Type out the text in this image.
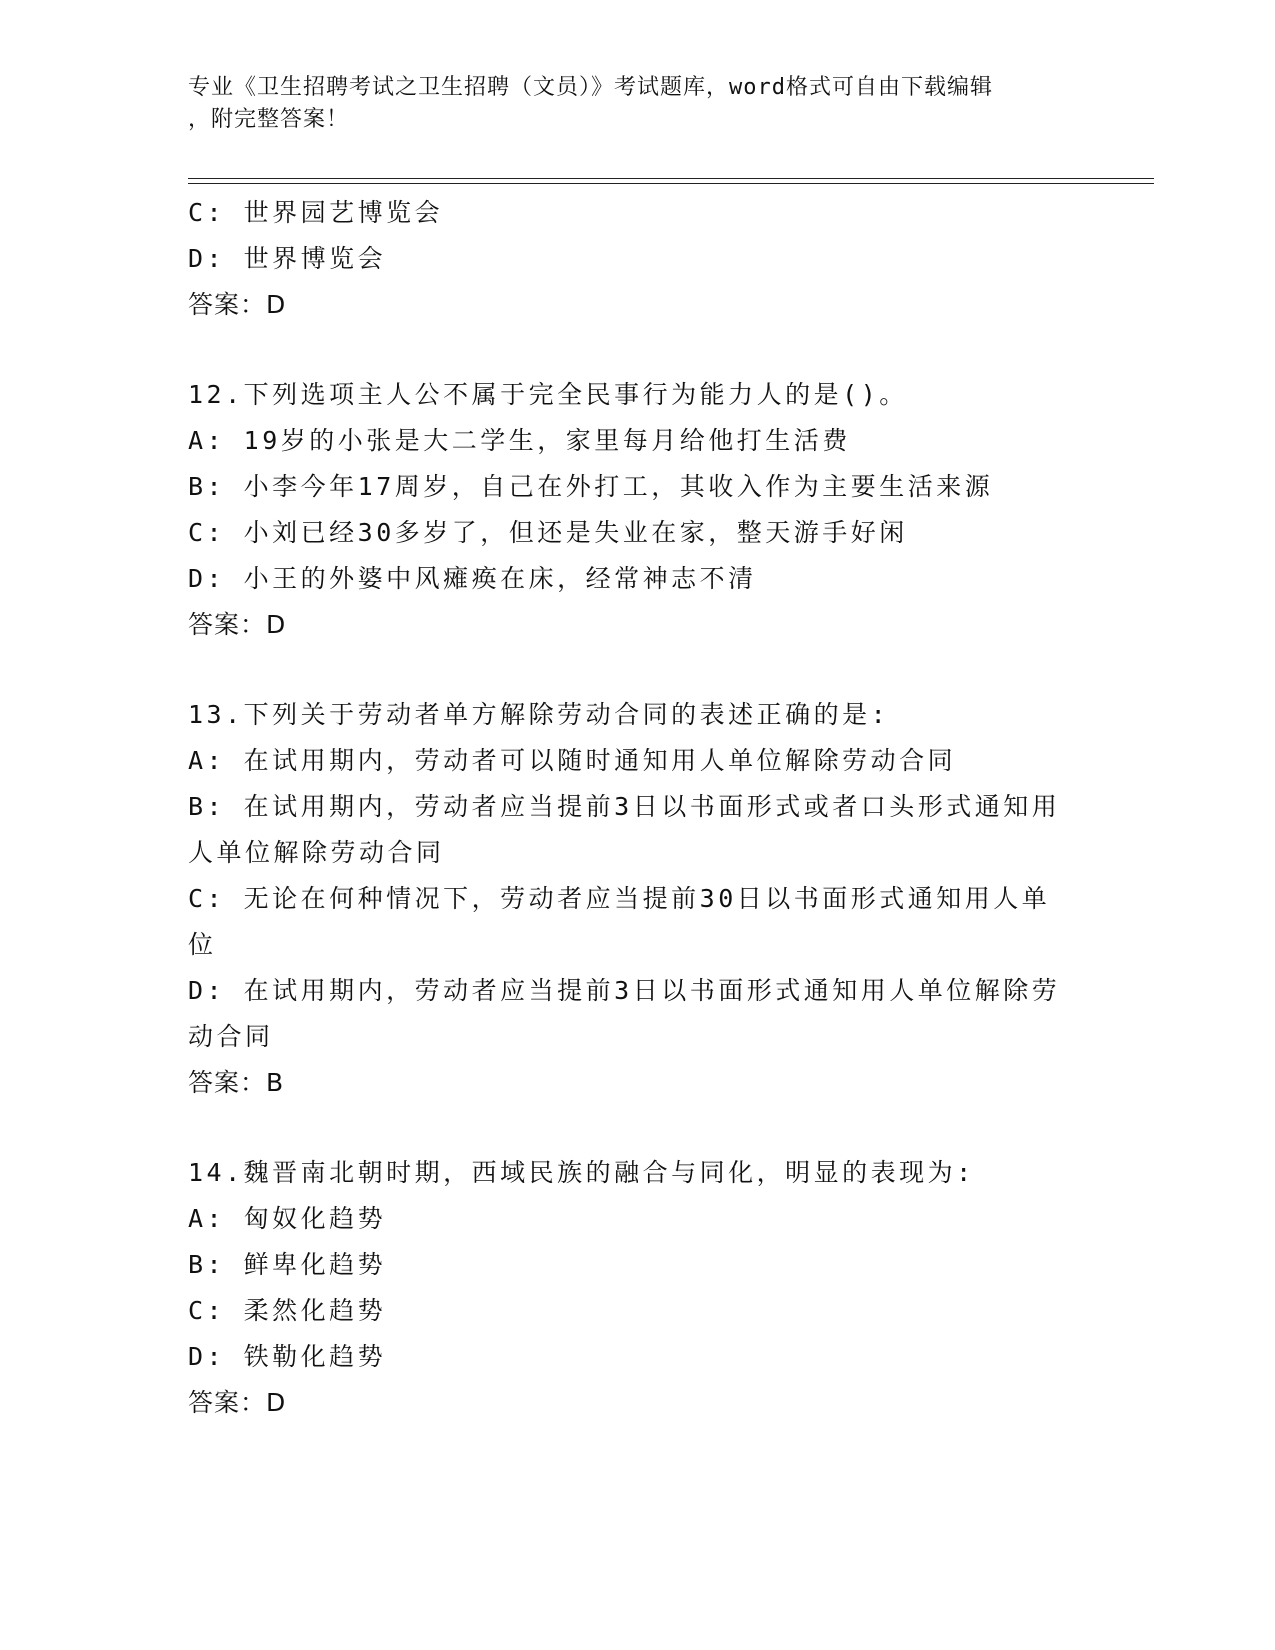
专业《卫生招聘考试之卫生招聘（文员）》考试题库，word格式可自由下载编辑
，附完整答案！
C: 世界园艺博览会
D: 世界博览会
答案：D
12.下列选项主人公不属于完全民事行为能力人的是()。
A: 19岁的小张是大二学生，家里每月给他打生活费
B: 小李今年17周岁，自己在外打工，其收入作为主要生活来源
C: 小刘已经30多岁了，但还是失业在家，整天游手好闲
D: 小王的外婆中风瘫痪在床，经常神志不清
答案：D
13.下列关于劳动者单方解除劳动合同的表述正确的是:
A: 在试用期内，劳动者可以随时通知用人单位解除劳动合同
B: 在试用期内，劳动者应当提前3日以书面形式或者口头形式通知用人单位解除劳动合同
C: 无论在何种情况下，劳动者应当提前30日以书面形式通知用人单位
D: 在试用期内，劳动者应当提前3日以书面形式通知用人单位解除劳动合同
答案：B
14.魏晋南北朝时期，西域民族的融合与同化，明显的表现为:
A: 匈奴化趋势
B: 鲜卑化趋势
C: 柔然化趋势
D: 铁勒化趋势
答案：D
